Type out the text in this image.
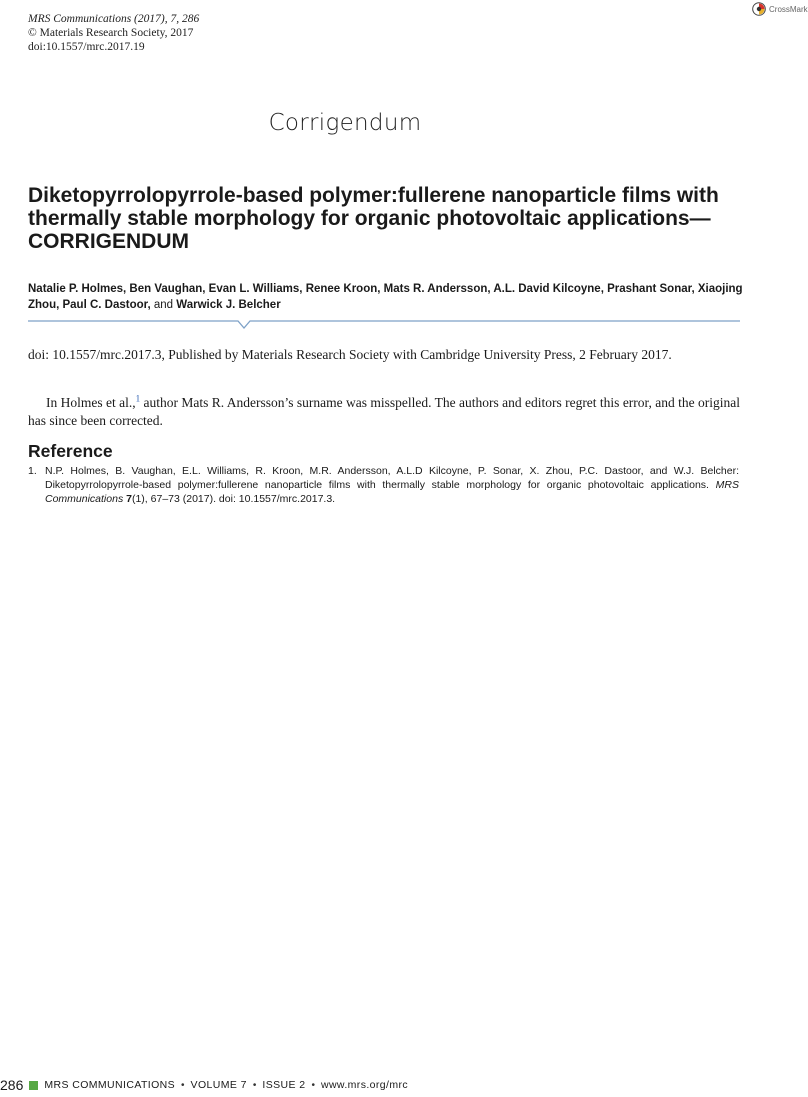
MRS Communications (2017), 7, 286
© Materials Research Society, 2017
doi:10.1557/mrc.2017.19
CrossMark
Corrigendum
Diketopyrrolopyrrole-based polymer:fullerene nanoparticle films with thermally stable morphology for organic photovoltaic applications—CORRIGENDUM
Natalie P. Holmes, Ben Vaughan, Evan L. Williams, Renee Kroon, Mats R. Andersson, A.L. David Kilcoyne, Prashant Sonar, Xiaojing Zhou, Paul C. Dastoor, and Warwick J. Belcher
doi: 10.1557/mrc.2017.3, Published by Materials Research Society with Cambridge University Press, 2 February 2017.

In Holmes et al.,$^1$ author Mats R. Andersson’s surname was misspelled. The authors and editors regret this error, and the original has since been corrected.

Reference
1. N.P. Holmes, B. Vaughan, E.L. Williams, R. Kroon, M.R. Andersson, A.L.D Kilcoyne, P. Sonar, X. Zhou, P.C. Dastoor, and W.J. Belcher: Diketopyrrolopyrrole-based polymer:fullerene nanoparticle films with thermally stable morphology for organic photovoltaic applications. MRS Communications 7(1), 67–73 (2017). doi: 10.1557/mrc.2017.3.
286 MRS COMMUNICATIONS • VOLUME 7 • ISSUE 2 • www.mrs.org/mrc
